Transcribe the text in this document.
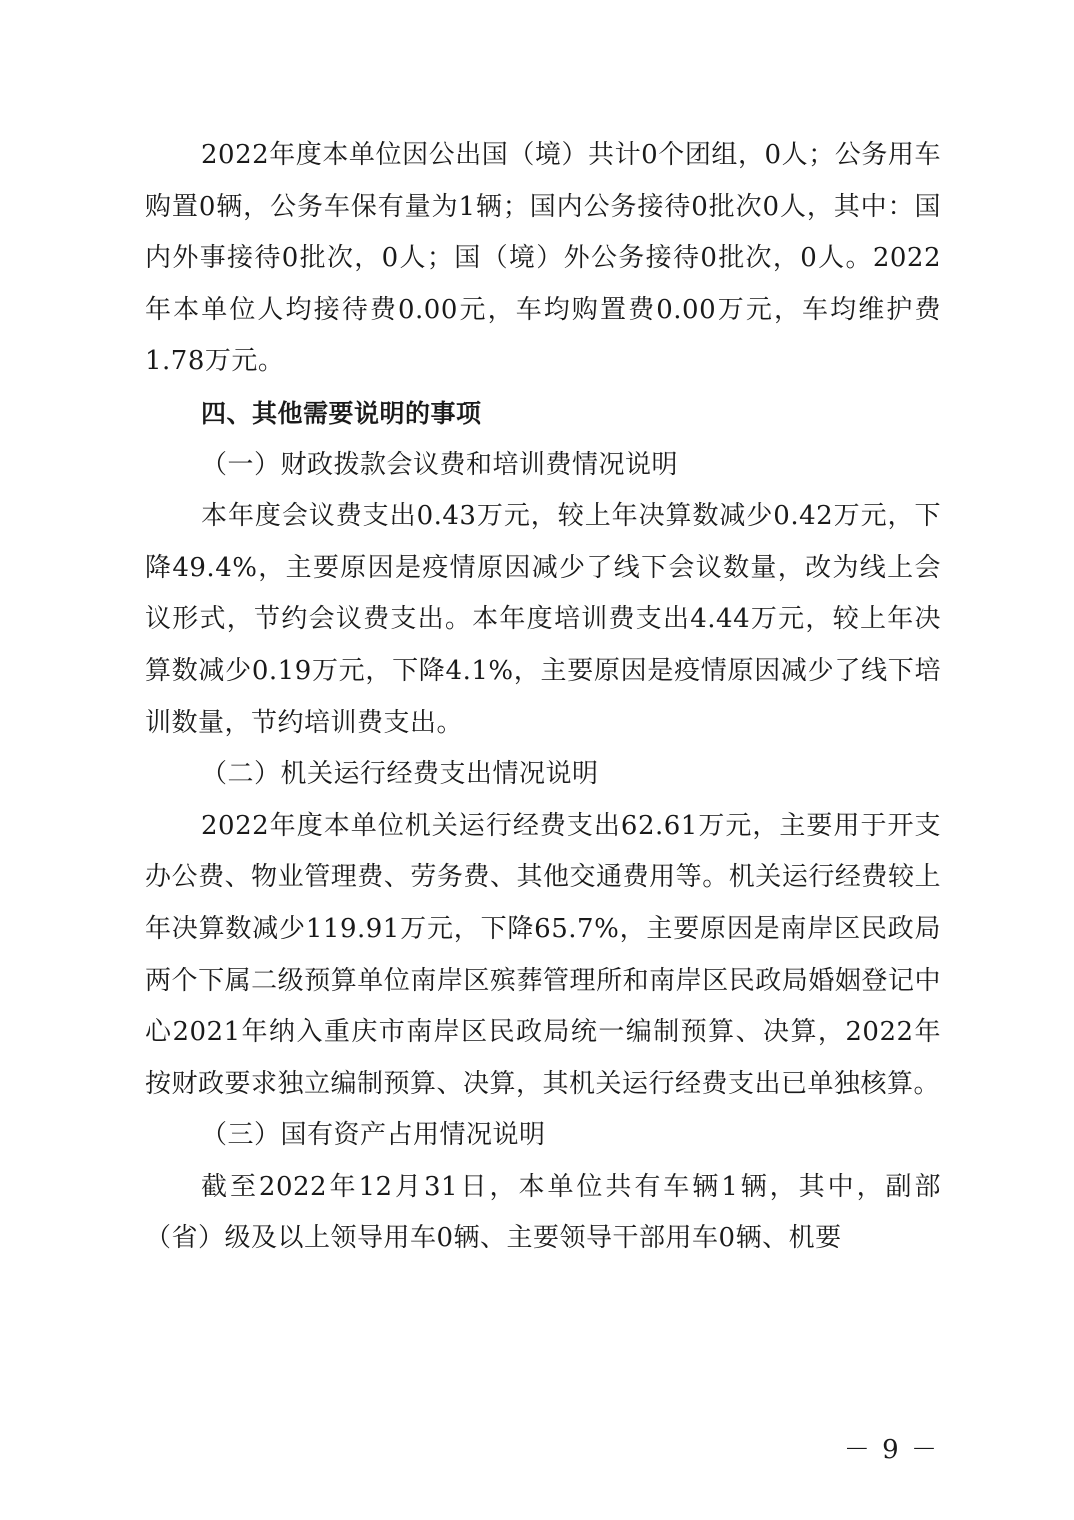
2022年度本单位因公出国（境）共计0个团组，0人；公务用车购置0辆，公务车保有量为1辆；国内公务接待0批次0人，其中：国内外事接待0批次，0人；国（境）外公务接待0批次，0人。2022年本单位人均接待费0.00元，车均购置费0.00万元，车均维护费1.78万元。

四、其他需要说明的事项

（一）财政拨款会议费和培训费情况说明

本年度会议费支出0.43万元，较上年决算数减少0.42万元，下降49.4%，主要原因是疫情原因减少了线下会议数量，改为线上会议形式，节约会议费支出。本年度培训费支出4.44万元，较上年决算数减少0.19万元，下降4.1%，主要原因是疫情原因减少了线下培训数量，节约培训费支出。

（二）机关运行经费支出情况说明

2022年度本单位机关运行经费支出62.61万元，主要用于开支办公费、物业管理费、劳务费、其他交通费用等。机关运行经费较上年决算数减少119.91万元，下降65.7%，主要原因是南岸区民政局两个下属二级预算单位南岸区殡葬管理所和南岸区民政局婚姻登记中心2021年纳入重庆市南岸区民政局统一编制预算、决算，2022年按财政要求独立编制预算、决算，其机关运行经费支出已单独核算。

（三）国有资产占用情况说明

截至2022年12月31日，本单位共有车辆1辆，其中，副部（省）级及以上领导用车0辆、主要领导干部用车0辆、机要

－ 9 －
